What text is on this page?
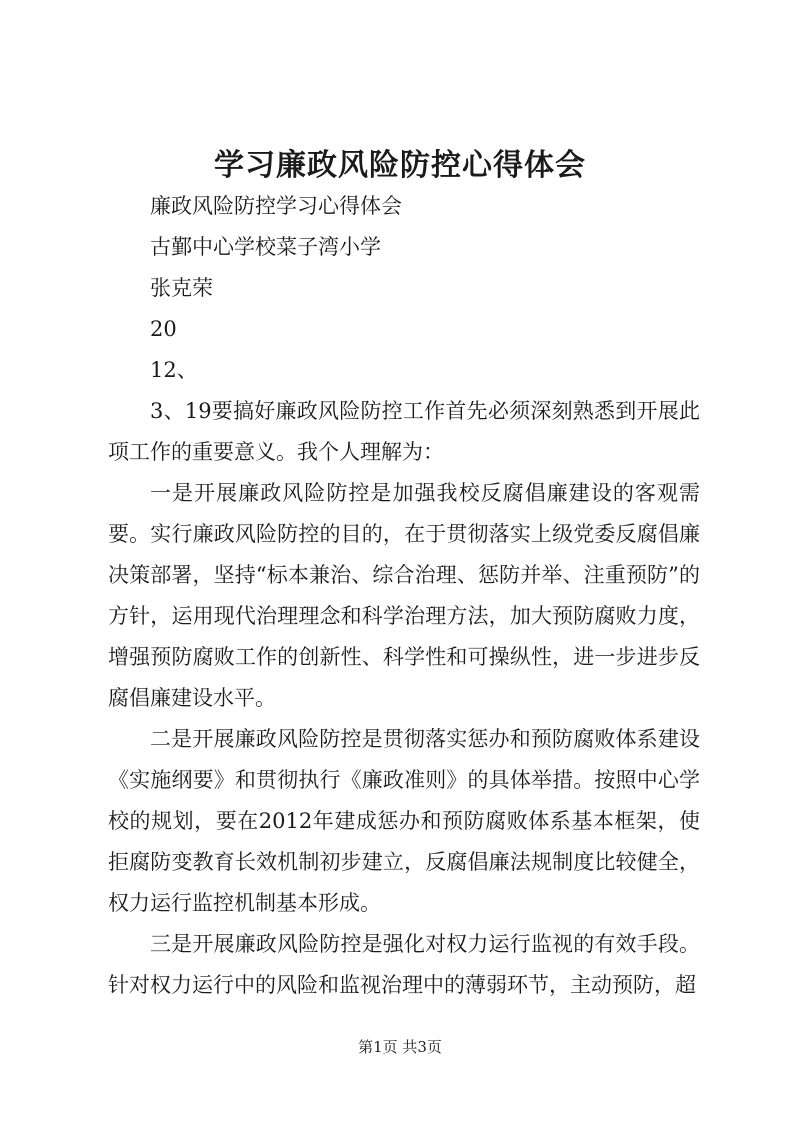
学习廉政风险防控心得体会

廉政风险防控学习心得体会

古鄞中心学校菜子湾小学

张克荣

20

12、

3、19要搞好廉政风险防控工作首先必须深刻熟悉到开展此项工作的重要意义。我个人理解为：

一是开展廉政风险防控是加强我校反腐倡廉建设的客观需要。实行廉政风险防控的目的，在于贯彻落实上级党委反腐倡廉决策部署，坚持“标本兼治、综合治理、惩防并举、注重预防”的方针，运用现代治理理念和科学治理方法，加大预防腐败力度，增强预防腐败工作的创新性、科学性和可操纵性，进一步进步反腐倡廉建设水平。

二是开展廉政风险防控是贯彻落实惩办和预防腐败体系建设《实施纲要》和贯彻执行《廉政准则》的具体举措。按照中心学校的规划，要在2012年建成惩办和预防腐败体系基本框架，使拒腐防变教育长效机制初步建立，反腐倡廉法规制度比较健全，权力运行监控机制基本形成。

三是开展廉政风险防控是强化对权力运行监视的有效手段。针对权力运行中的风险和监视治理中的薄弱环节，主动预防，超

第1页 共3页
